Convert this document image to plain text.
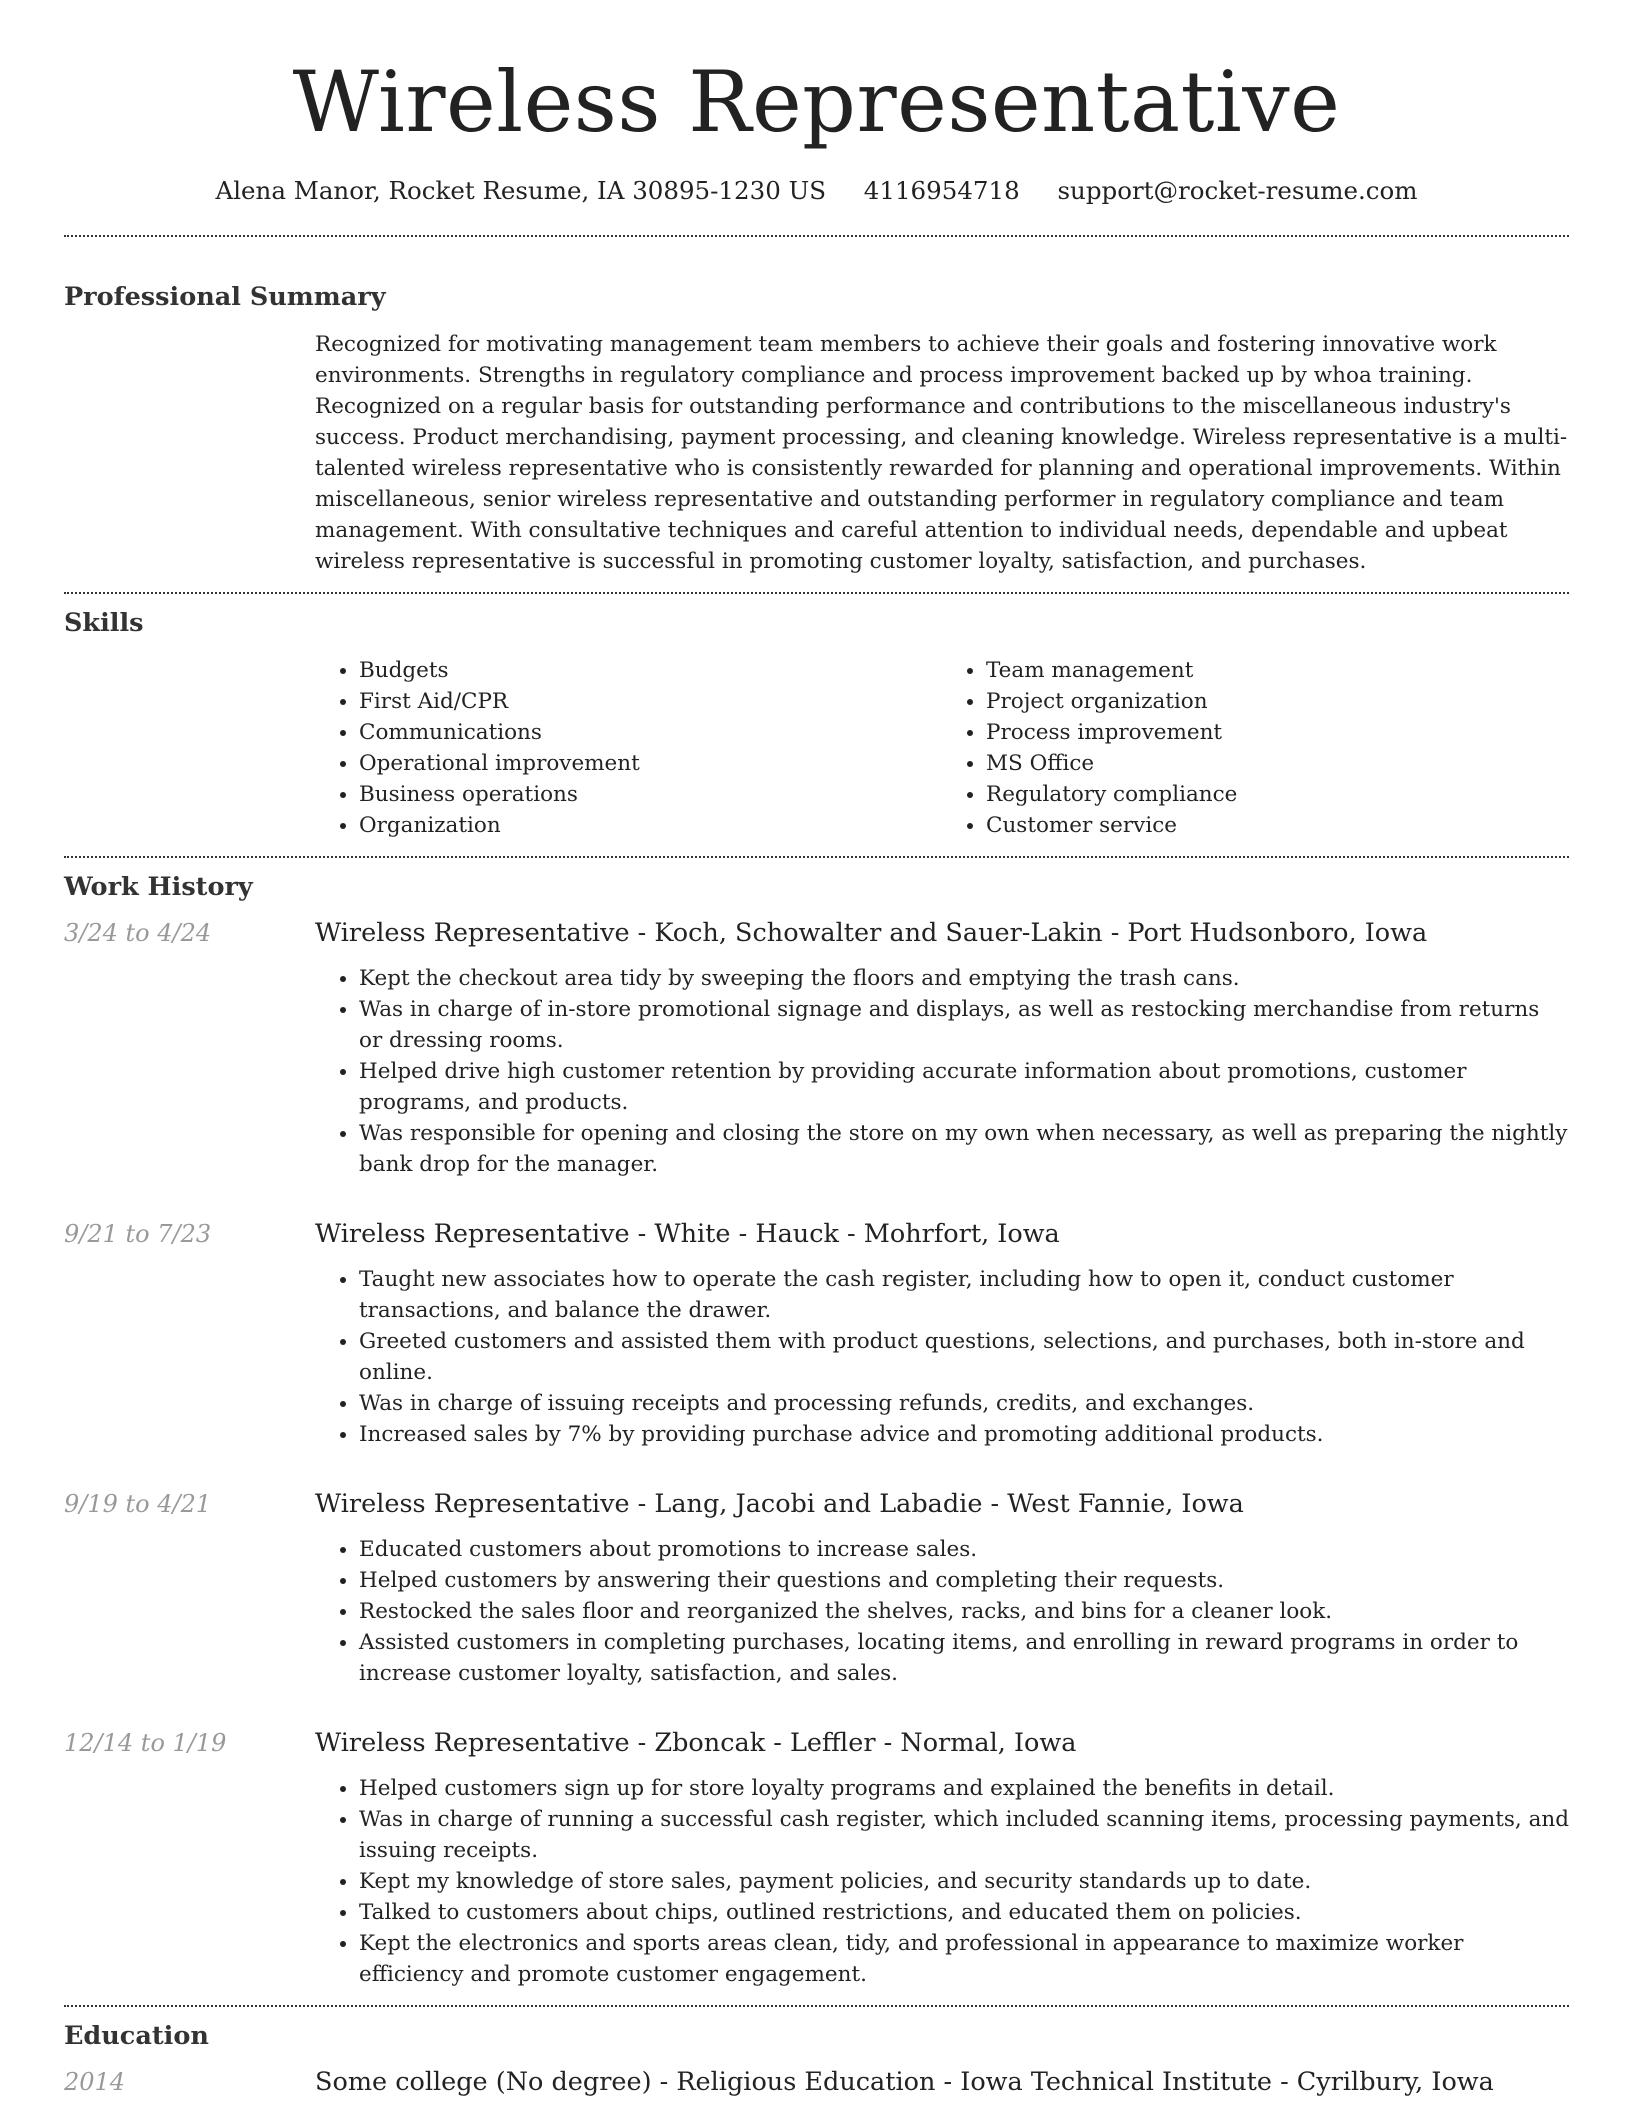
Wireless Representative
Alena Manor, Rocket Resume, IA 30895-1230 US 4116954718 support@rocket-resume.com
Professional Summary
Recognized for motivating management team members to achieve their goals and fostering innovative work environments. Strengths in regulatory compliance and process improvement backed up by whoa training. Recognized on a regular basis for outstanding performance and contributions to the miscellaneous industry's success. Product merchandising, payment processing, and cleaning knowledge. Wireless representative is a multi-talented wireless representative who is consistently rewarded for planning and operational improvements. Within miscellaneous, senior wireless representative and outstanding performer in regulatory compliance and team management. With consultative techniques and careful attention to individual needs, dependable and upbeat wireless representative is successful in promoting customer loyalty, satisfaction, and purchases.
Skills
• Budgets
• First Aid/CPR
• Communications
• Operational improvement
• Business operations
• Organization
• Team management
• Project organization
• Process improvement
• MS Office
• Regulatory compliance
• Customer service
Work History
3/24 to 4/24	Wireless Representative - Koch, Schowalter and Sauer-Lakin - Port Hudsonboro, Iowa
• Kept the checkout area tidy by sweeping the floors and emptying the trash cans.
• Was in charge of in-store promotional signage and displays, as well as restocking merchandise from returns or dressing rooms.
• Helped drive high customer retention by providing accurate information about promotions, customer programs, and products.
• Was responsible for opening and closing the store on my own when necessary, as well as preparing the nightly bank drop for the manager.
9/21 to 7/23	Wireless Representative - White - Hauck - Mohrfort, Iowa
• Taught new associates how to operate the cash register, including how to open it, conduct customer transactions, and balance the drawer.
• Greeted customers and assisted them with product questions, selections, and purchases, both in-store and online.
• Was in charge of issuing receipts and processing refunds, credits, and exchanges.
• Increased sales by 7% by providing purchase advice and promoting additional products.
9/19 to 4/21	Wireless Representative - Lang, Jacobi and Labadie - West Fannie, Iowa
• Educated customers about promotions to increase sales.
• Helped customers by answering their questions and completing their requests.
• Restocked the sales floor and reorganized the shelves, racks, and bins for a cleaner look.
• Assisted customers in completing purchases, locating items, and enrolling in reward programs in order to increase customer loyalty, satisfaction, and sales.
12/14 to 1/19	Wireless Representative - Zboncak - Leffler - Normal, Iowa
• Helped customers sign up for store loyalty programs and explained the benefits in detail.
• Was in charge of running a successful cash register, which included scanning items, processing payments, and issuing receipts.
• Kept my knowledge of store sales, payment policies, and security standards up to date.
• Talked to customers about chips, outlined restrictions, and educated them on policies.
• Kept the electronics and sports areas clean, tidy, and professional in appearance to maximize worker efficiency and promote customer engagement.
Education
2014	Some college (No degree) - Religious Education - Iowa Technical Institute - Cyrilbury, Iowa
